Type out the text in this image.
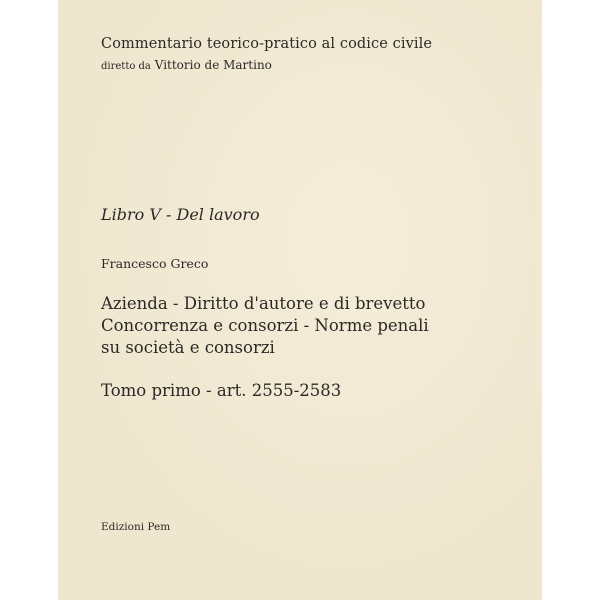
Commentario teorico-pratico al codice civile
diretto da Vittorio de Martino
Libro V - Del lavoro
Francesco Greco
Azienda - Diritto d'autore e di brevetto
Concorrenza e consorzi - Norme penali
su società e consorzi
Tomo primo - art. 2555-2583
Edizioni Pem
